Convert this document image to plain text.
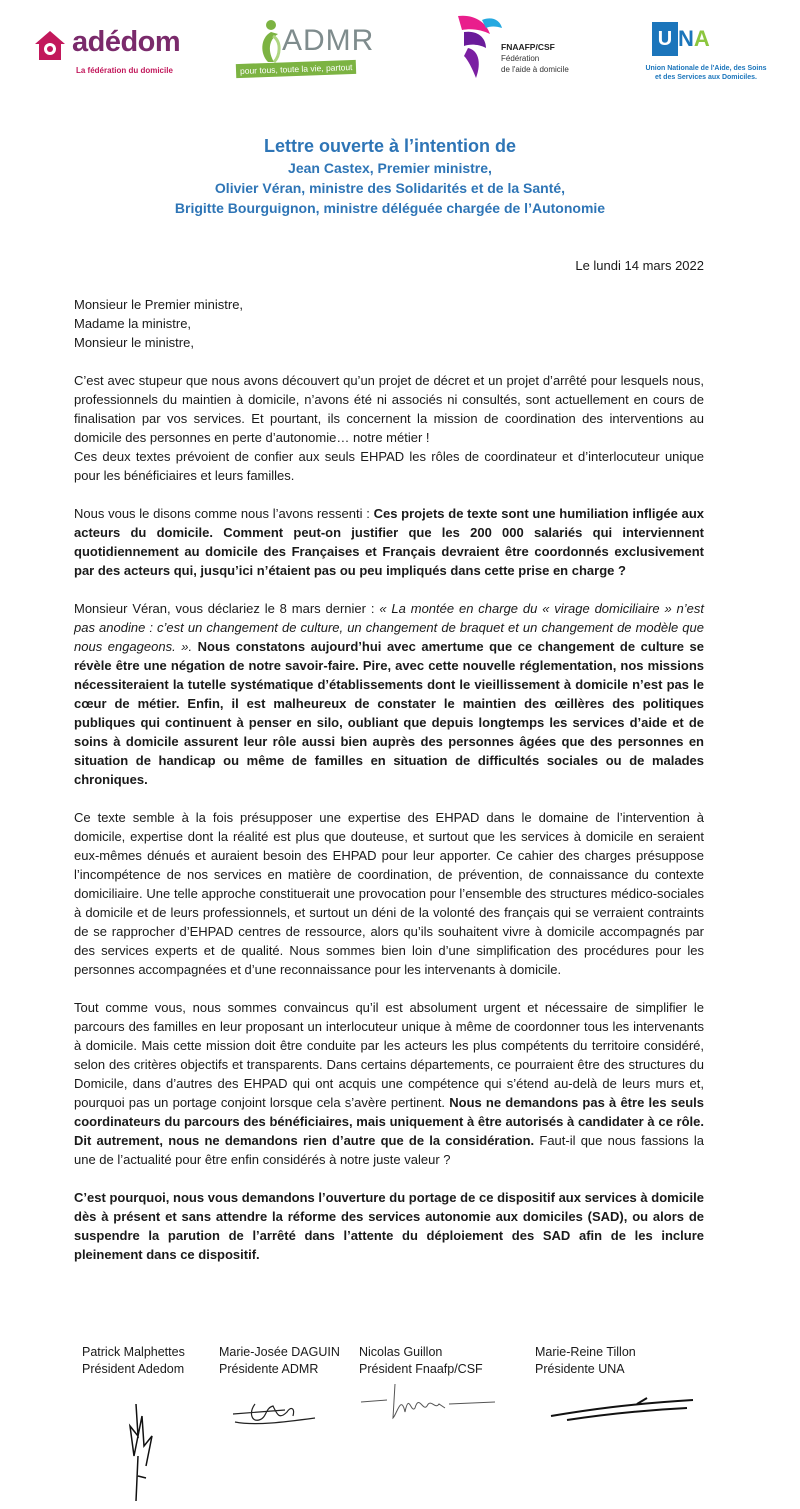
adédom
La fédération du domicile
ADMR
pour tous, toute la vie, partout
FNAAFP/CSF
Fédération
de l'aide à domicile
U NA
Union Nationale de l'Aide, des Soins
et des Services aux Domiciles.
Lettre ouverte à l’intention de
Jean Castex, Premier ministre,
Olivier Véran, ministre des Solidarités et de la Santé,
Brigitte Bourguignon, ministre déléguée chargée de l’Autonomie
Le lundi 14 mars 2022
Monsieur le Premier ministre,
Madame la ministre,
Monsieur le ministre,

C’est avec stupeur que nous avons découvert qu’un projet de décret et un projet d’arrêté pour lesquels nous, professionnels du maintien à domicile, n’avons été ni associés ni consultés, sont actuellement en cours de finalisation par vos services. Et pourtant, ils concernent la mission de coordination des interventions au domicile des personnes en perte d’autonomie… notre métier !
Ces deux textes prévoient de confier aux seuls EHPAD les rôles de coordinateur et d’interlocuteur unique pour les bénéficiaires et leurs familles.

Nous vous le disons comme nous l’avons ressenti : Ces projets de texte sont une humiliation infligée aux acteurs du domicile. Comment peut-on justifier que les 200 000 salariés qui interviennent quotidiennement au domicile des Françaises et Français devraient être coordonnés exclusivement par des acteurs qui, jusqu’ici n’étaient pas ou peu impliqués dans cette prise en charge ?

Monsieur Véran, vous déclariez le 8 mars dernier : « La montée en charge du « virage domiciliaire » n’est pas anodine : c’est un changement de culture, un changement de braquet et un changement de modèle que nous engageons. ». Nous constatons aujourd’hui avec amertume que ce changement de culture se révèle être une négation de notre savoir-faire. Pire, avec cette nouvelle réglementation, nos missions nécessiteraient la tutelle systématique d’établissements dont le vieillissement à domicile n’est pas le cœur de métier. Enfin, il est malheureux de constater le maintien des œillères des politiques publiques qui continuent à penser en silo, oubliant que depuis longtemps les services d’aide et de soins à domicile assurent leur rôle aussi bien auprès des personnes âgées que des personnes en situation de handicap ou même de familles en situation de difficultés sociales ou de malades chroniques.

Ce texte semble à la fois présupposer une expertise des EHPAD dans le domaine de l’intervention à domicile, expertise dont la réalité est plus que douteuse, et surtout que les services à domicile en seraient eux-mêmes dénués et auraient besoin des EHPAD pour leur apporter. Ce cahier des charges présuppose l’incompétence de nos services en matière de coordination, de prévention, de connaissance du contexte domiciliaire. Une telle approche constituerait une provocation pour l’ensemble des structures médico-sociales à domicile et de leurs professionnels, et surtout un déni de la volonté des français qui se verraient contraints de se rapprocher d’EHPAD centres de ressource, alors qu’ils souhaitent vivre à domicile accompagnés par des services experts et de qualité. Nous sommes bien loin d’une simplification des procédures pour les personnes accompagnées et d’une reconnaissance pour les intervenants à domicile.

Tout comme vous, nous sommes convaincus qu’il est absolument urgent et nécessaire de simplifier le parcours des familles en leur proposant un interlocuteur unique à même de coordonner tous les intervenants à domicile. Mais cette mission doit être conduite par les acteurs les plus compétents du territoire considéré, selon des critères objectifs et transparents. Dans certains départements, ce pourraient être des structures du Domicile, dans d’autres des EHPAD qui ont acquis une compétence qui s’étend au-delà de leurs murs et, pourquoi pas un portage conjoint lorsque cela s’avère pertinent. Nous ne demandons pas à être les seuls coordinateurs du parcours des bénéficiaires, mais uniquement à être autorisés à candidater à ce rôle. Dit autrement, nous ne demandons rien d’autre que de la considération. Faut-il que nous fassions la une de l’actualité pour être enfin considérés à notre juste valeur ?

C’est pourquoi, nous vous demandons l’ouverture du portage de ce dispositif aux services à domicile dès à présent et sans attendre la réforme des services autonomie aux domiciles (SAD), ou alors de suspendre la parution de l’arrêté dans l’attente du déploiement des SAD afin de les inclure pleinement dans ce dispositif.

Patrick Malphettes
Président Adedom
Marie-Josée DAGUIN
Présidente ADMR
Nicolas Guillon
Président Fnaafp/CSF
Marie-Reine Tillon
Présidente UNA
